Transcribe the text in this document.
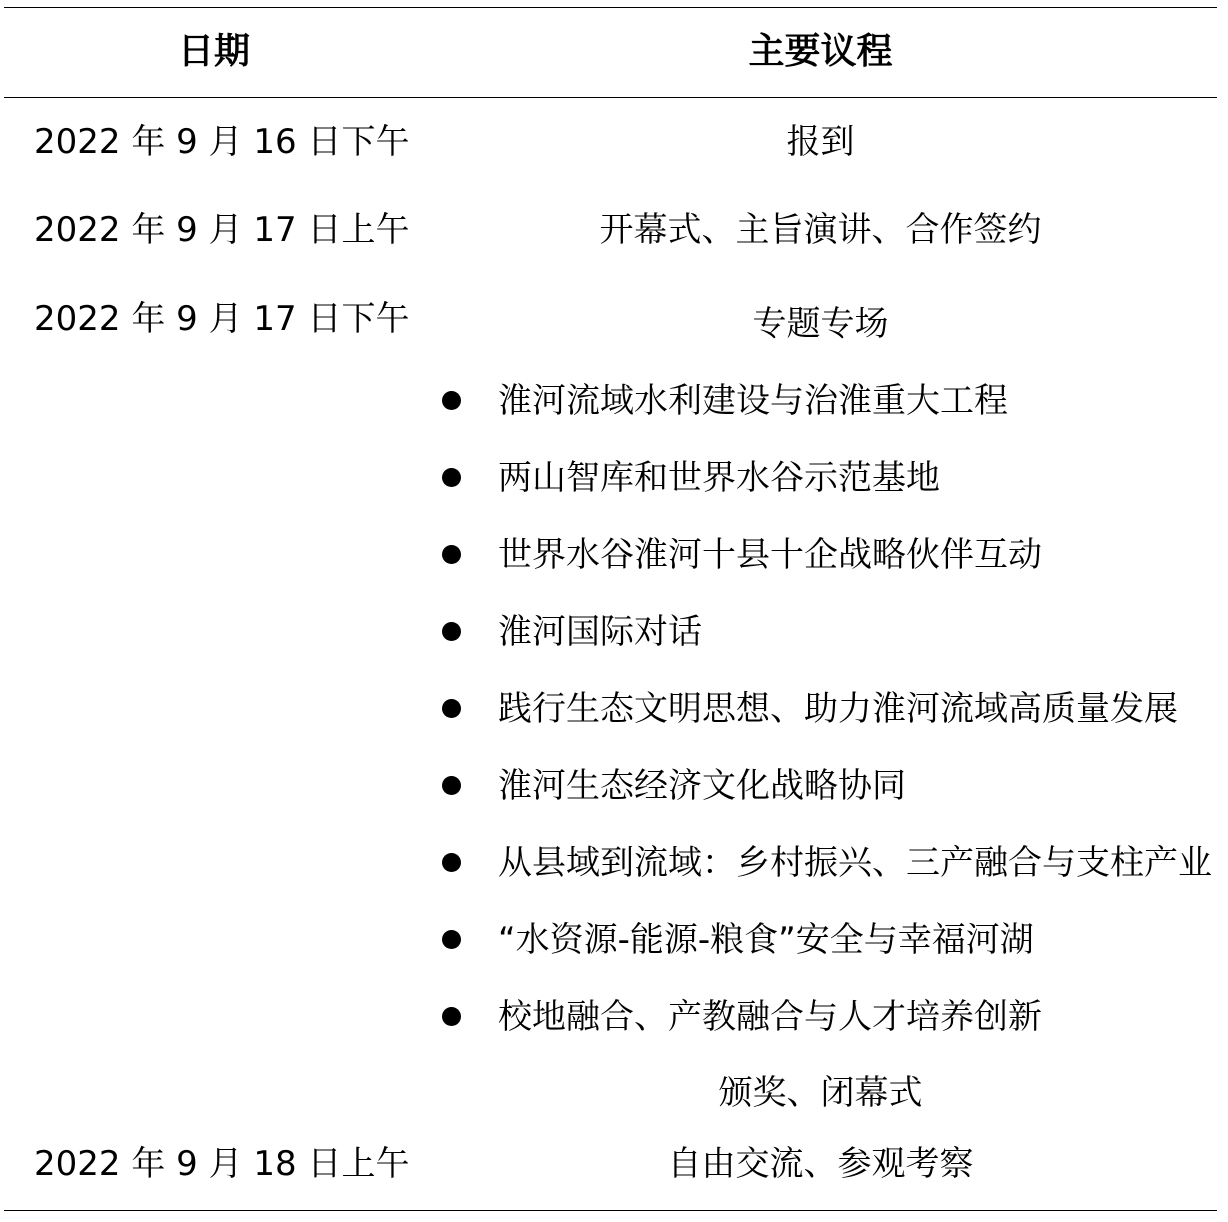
日期	主要议程
2022 年 9 月 16 日下午	报到
2022 年 9 月 17 日上午	开幕式、主旨演讲、合作签约
2022 年 9 月 17 日下午	专题专场
淮河流域水利建设与治淮重大工程
两山智库和世界水谷示范基地
世界水谷淮河十县十企战略伙伴互动
淮河国际对话
践行生态文明思想、助力淮河流域高质量发展
淮河生态经济文化战略协同
从县域到流域：乡村振兴、三产融合与支柱产业
“水资源-能源-粮食”安全与幸福河湖
校地融合、产教融合与人才培养创新
颁奖、闭幕式
2022 年 9 月 18 日上午	自由交流、参观考察
